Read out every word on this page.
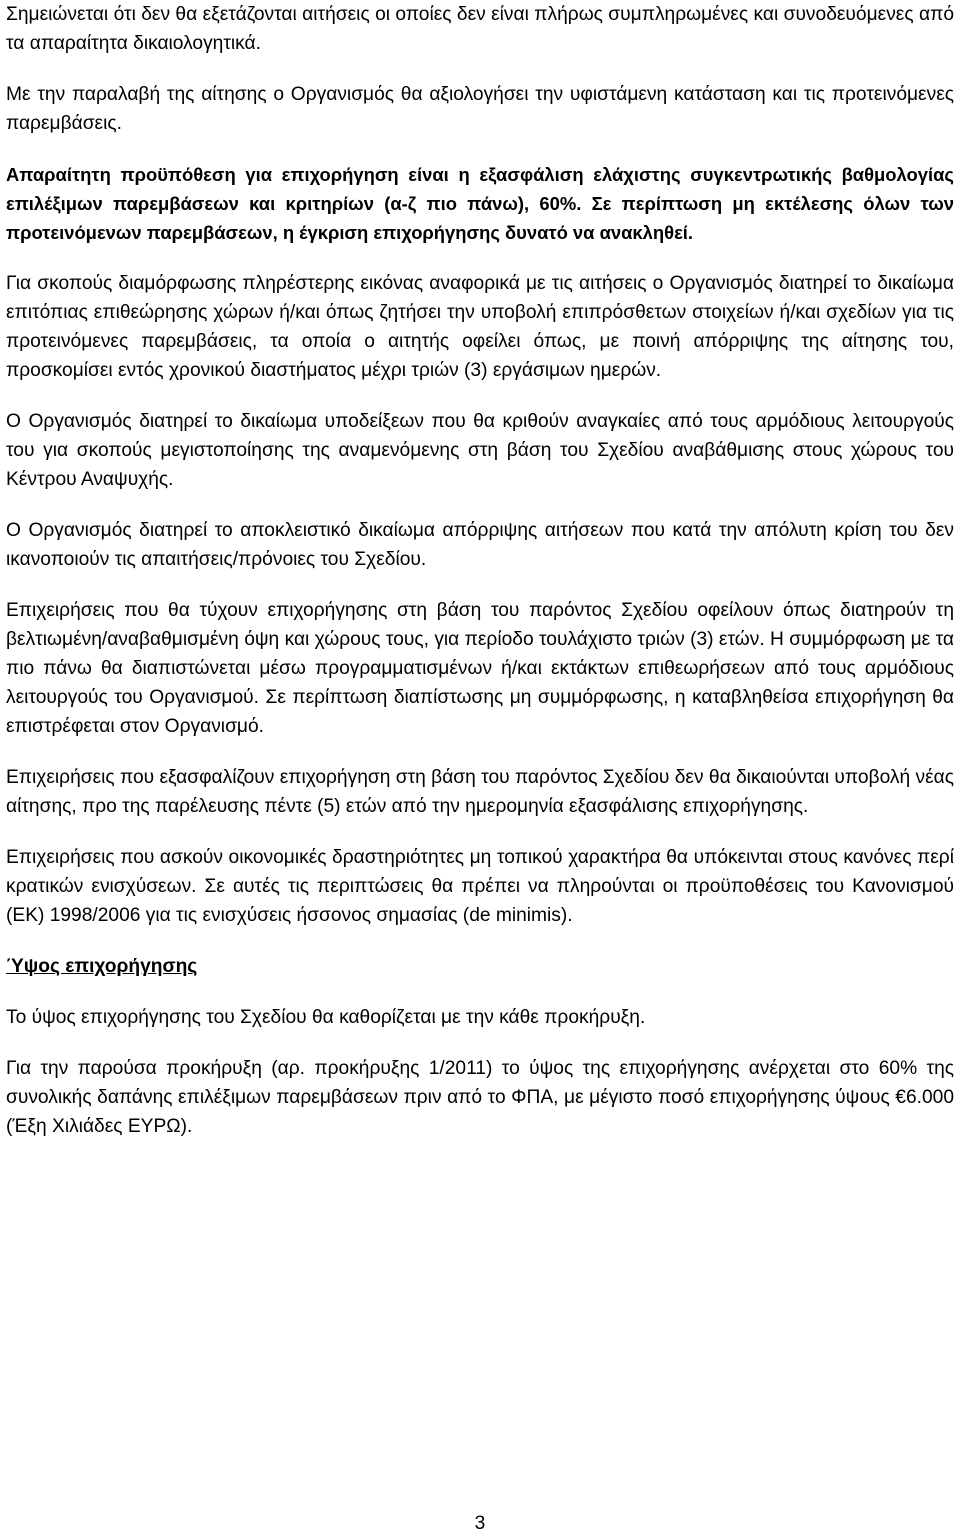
Σημειώνεται ότι δεν θα εξετάζονται αιτήσεις οι οποίες δεν είναι πλήρως συμπληρωμένες και συνοδευόμενες από τα απαραίτητα δικαιολογητικά.

Με την παραλαβή της αίτησης ο Οργανισμός θα αξιολογήσει την υφιστάμενη κατάσταση και τις προτεινόμενες παρεμβάσεις.

Απαραίτητη προϋπόθεση για επιχορήγηση είναι η εξασφάλιση ελάχιστης συγκεντρωτικής βαθμολογίας επιλέξιμων παρεμβάσεων και κριτηρίων (α-ζ πιο πάνω), 60%. Σε περίπτωση μη εκτέλεσης όλων των προτεινόμενων παρεμβάσεων, η έγκριση επιχορήγησης δυνατό να ανακληθεί.

Για σκοπούς διαμόρφωσης πληρέστερης εικόνας αναφορικά με τις αιτήσεις ο Οργανισμός διατηρεί το δικαίωμα επιτόπιας επιθεώρησης χώρων ή/και όπως ζητήσει την υποβολή επιπρόσθετων στοιχείων ή/και σχεδίων για τις προτεινόμενες παρεμβάσεις, τα οποία ο αιτητής οφείλει όπως, με ποινή απόρριψης της αίτησης του, προσκομίσει εντός χρονικού διαστήματος μέχρι τριών (3) εργάσιμων ημερών.

Ο Οργανισμός διατηρεί το δικαίωμα υποδείξεων που θα κριθούν αναγκαίες από τους αρμόδιους λειτουργούς του για σκοπούς μεγιστοποίησης της αναμενόμενης στη βάση του Σχεδίου αναβάθμισης στους χώρους του Κέντρου Αναψυχής.

Ο Οργανισμός διατηρεί το αποκλειστικό δικαίωμα απόρριψης αιτήσεων που κατά την απόλυτη κρίση του δεν ικανοποιούν τις απαιτήσεις/πρόνοιες του Σχεδίου.

Επιχειρήσεις που θα τύχουν επιχορήγησης στη βάση του παρόντος Σχεδίου οφείλουν όπως διατηρούν τη βελτιωμένη/αναβαθμισμένη όψη και χώρους τους, για περίοδο τουλάχιστο τριών (3) ετών. Η συμμόρφωση με τα πιο πάνω θα διαπιστώνεται μέσω προγραμματισμένων ή/και εκτάκτων επιθεωρήσεων από τους αρμόδιους λειτουργούς του Οργανισμού. Σε περίπτωση διαπίστωσης μη συμμόρφωσης, η καταβληθείσα επιχορήγηση θα επιστρέφεται στον Οργανισμό.

Επιχειρήσεις που εξασφαλίζουν επιχορήγηση στη βάση του παρόντος Σχεδίου δεν θα δικαιούνται υποβολή νέας αίτησης, προ της παρέλευσης πέντε (5) ετών από την ημερομηνία εξασφάλισης επιχορήγησης.

Επιχειρήσεις που ασκούν οικονομικές δραστηριότητες μη τοπικού χαρακτήρα θα υπόκεινται στους κανόνες περί κρατικών ενισχύσεων. Σε αυτές τις περιπτώσεις θα πρέπει να πληρούνται οι προϋποθέσεις του Κανονισμού (ΕΚ) 1998/2006 για τις ενισχύσεις ήσσονος σημασίας (de minimis).

Ύψος επιχορήγησης

Το ύψος επιχορήγησης του Σχεδίου θα καθορίζεται με την κάθε προκήρυξη.

Για την παρούσα προκήρυξη (αρ. προκήρυξης 1/2011) το ύψος της επιχορήγησης ανέρχεται στο 60% της συνολικής δαπάνης επιλέξιμων παρεμβάσεων πριν από το ΦΠΑ, με μέγιστο ποσό επιχορήγησης ύψους €6.000 (Έξη Χιλιάδες ΕΥΡΩ).

3
